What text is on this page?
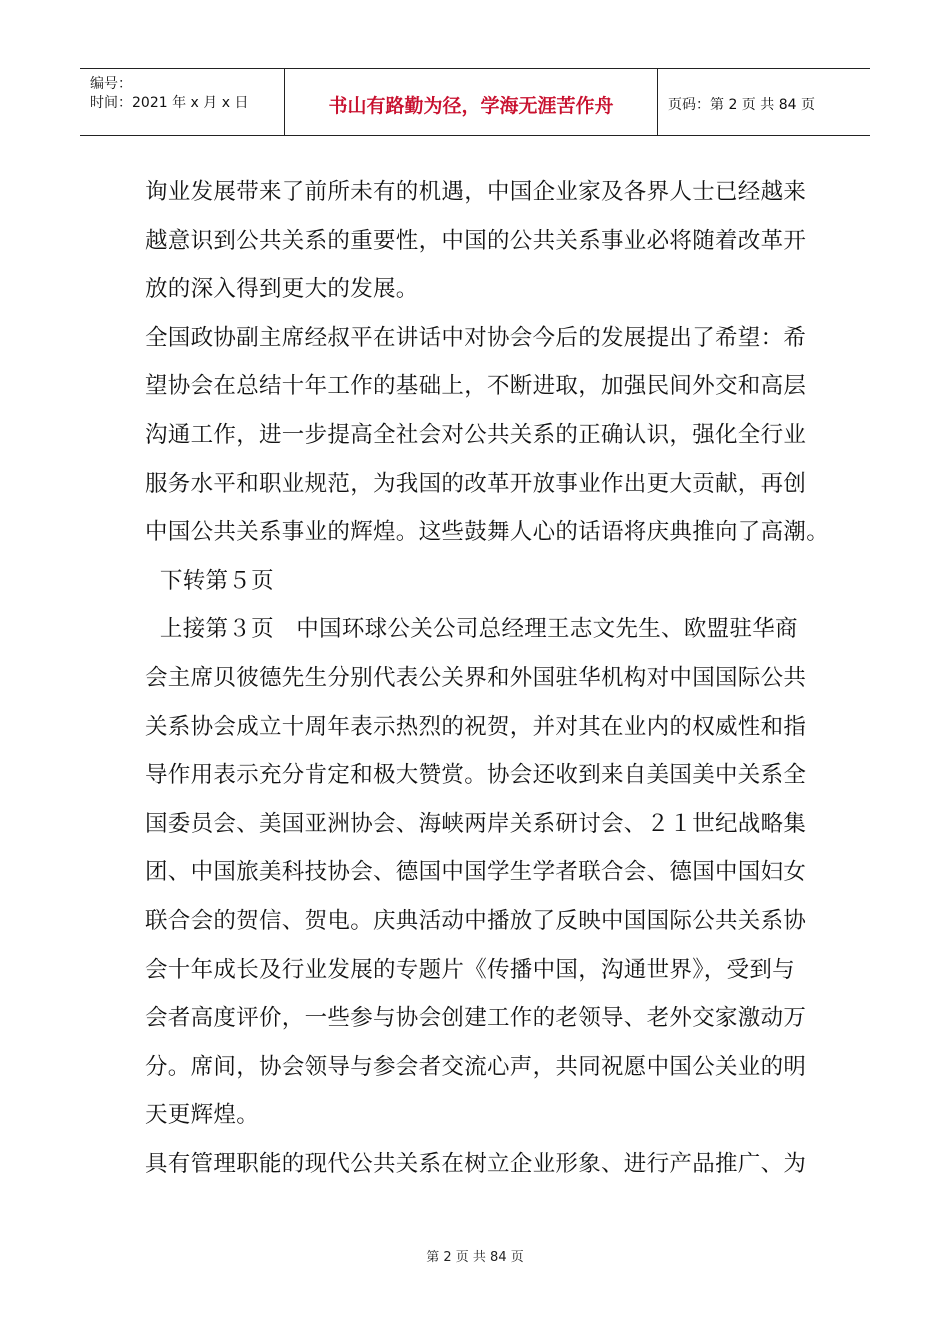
编号：
时间：2021 年 x 月 x 日	书山有路勤为径，学海无涯苦作舟	页码：第 2 页 共 84 页
询业发展带来了前所未有的机遇，中国企业家及各界人士已经越来
越意识到公共关系的重要性，中国的公共关系事业必将随着改革开
放的深入得到更大的发展。
全国政协副主席经叔平在讲话中对协会今后的发展提出了希望：希
望协会在总结十年工作的基础上，不断进取，加强民间外交和高层
沟通工作，进一步提高全社会对公共关系的正确认识，强化全行业
服务水平和职业规范，为我国的改革开放事业作出更大贡献，再创
中国公共关系事业的辉煌。这些鼓舞人心的话语将庆典推向了高潮。
下转第５页
上接第３页   中国环球公关公司总经理王志文先生、欧盟驻华商
会主席贝彼德先生分别代表公关界和外国驻华机构对中国国际公共
关系协会成立十周年表示热烈的祝贺，并对其在业内的权威性和指
导作用表示充分肯定和极大赞赏。协会还收到来自美国美中关系全
国委员会、美国亚洲协会、海峡两岸关系研讨会、２１世纪战略集
团、中国旅美科技协会、德国中国学生学者联合会、德国中国妇女
联合会的贺信、贺电。庆典活动中播放了反映中国国际公共关系协
会十年成长及行业发展的专题片《传播中国，沟通世界》，受到与
会者高度评价，一些参与协会创建工作的老领导、老外交家激动万
分。席间，协会领导与参会者交流心声，共同祝愿中国公关业的明
天更辉煌。
具有管理职能的现代公共关系在树立企业形象、进行产品推广、为
第 2 页 共 84 页
